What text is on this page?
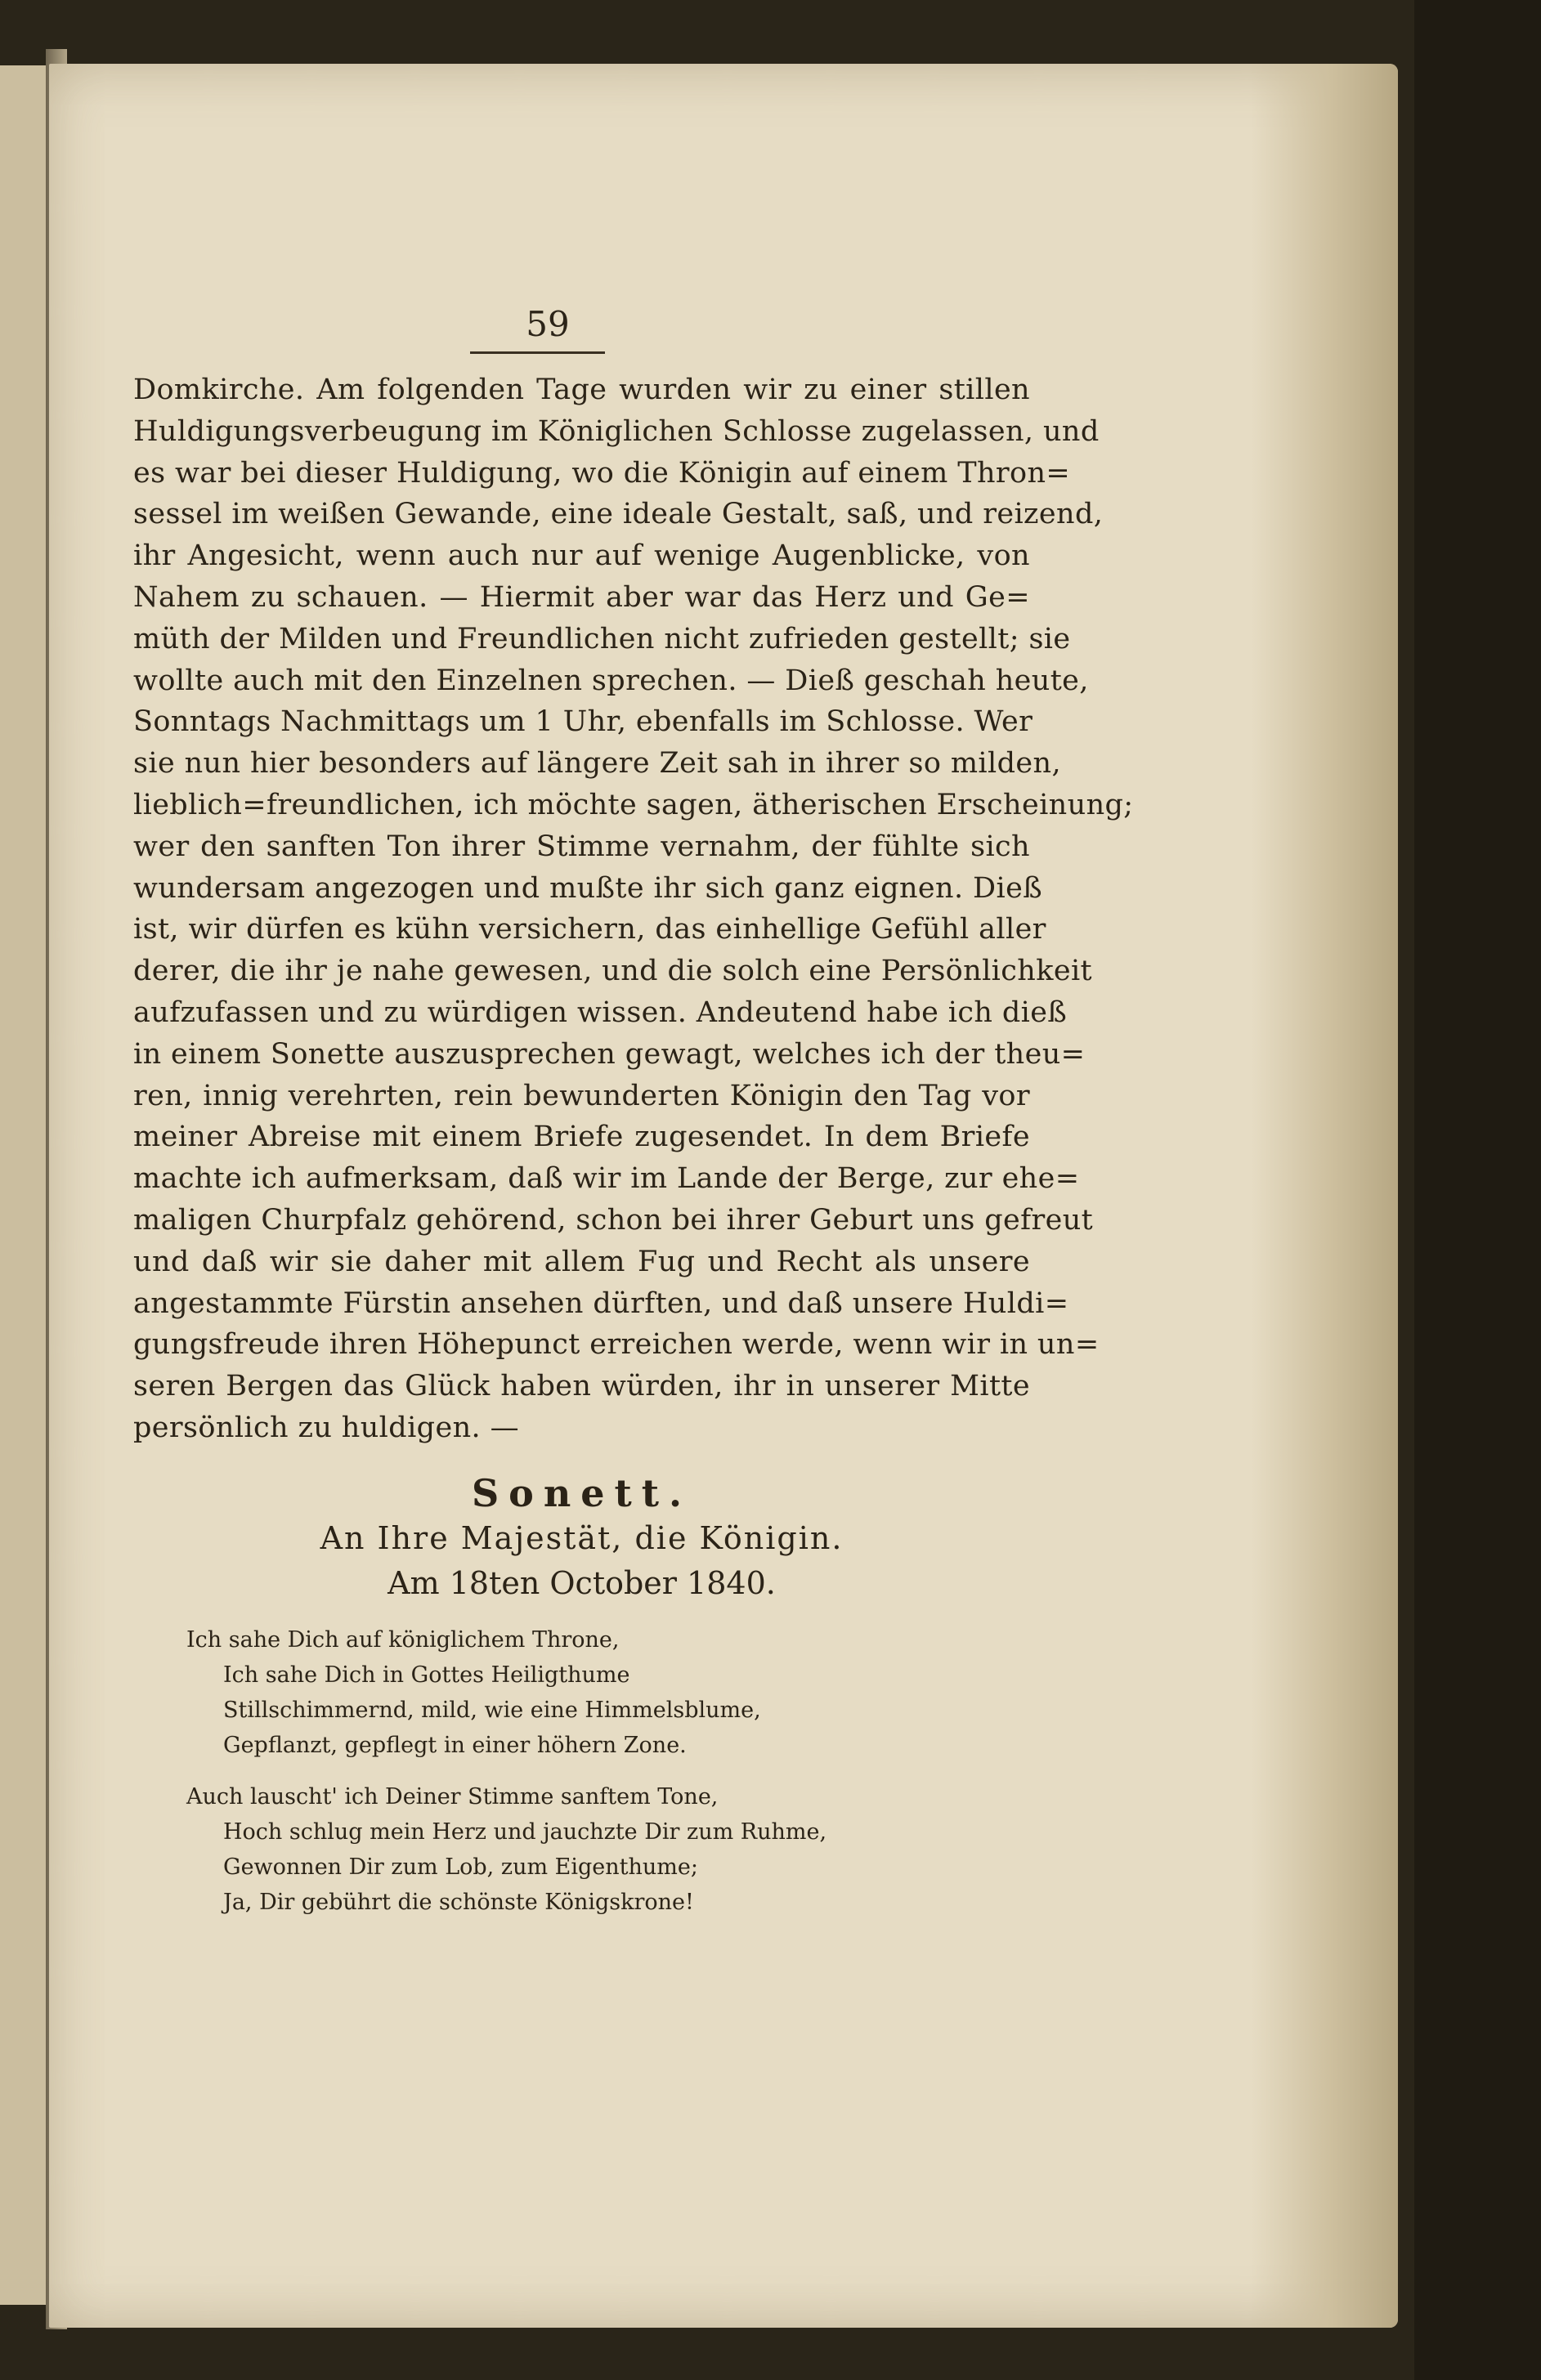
59
Domkirche. Am folgenden Tage wurden wir zu einer stillen
Huldigungsverbeugung im Königlichen Schlosse zugelassen, und
es war bei dieser Huldigung, wo die Königin auf einem Thron=
sessel im weißen Gewande, eine ideale Gestalt, saß, und reizend,
ihr Angesicht, wenn auch nur auf wenige Augenblicke, von
Nahem zu schauen. — Hiermit aber war das Herz und Ge=
müth der Milden und Freundlichen nicht zufrieden gestellt; sie
wollte auch mit den Einzelnen sprechen. — Dieß geschah heute,
Sonntags Nachmittags um 1 Uhr, ebenfalls im Schlosse. Wer
sie nun hier besonders auf längere Zeit sah in ihrer so milden,
lieblich=freundlichen, ich möchte sagen, ätherischen Erscheinung;
wer den sanften Ton ihrer Stimme vernahm, der fühlte sich
wundersam angezogen und mußte ihr sich ganz eignen. Dieß
ist, wir dürfen es kühn versichern, das einhellige Gefühl aller
derer, die ihr je nahe gewesen, und die solch eine Persönlichkeit
aufzufassen und zu würdigen wissen. Andeutend habe ich dieß
in einem Sonette auszusprechen gewagt, welches ich der theu=
ren, innig verehrten, rein bewunderten Königin den Tag vor
meiner Abreise mit einem Briefe zugesendet. In dem Briefe
machte ich aufmerksam, daß wir im Lande der Berge, zur ehe=
maligen Churpfalz gehörend, schon bei ihrer Geburt uns gefreut
und daß wir sie daher mit allem Fug und Recht als unsere
angestammte Fürstin ansehen dürften, und daß unsere Huldi=
gungsfreude ihren Höhepunct erreichen werde, wenn wir in un=
seren Bergen das Glück haben würden, ihr in unserer Mitte
persönlich zu huldigen. —
Sonett.
An Ihre Majestät, die Königin.
Am 18ten October 1840.
Ich sahe Dich auf königlichem Throne,
Ich sahe Dich in Gottes Heiligthume
Stillschimmernd, mild, wie eine Himmelsblume,
Gepflanzt, gepflegt in einer höhern Zone.
Auch lauscht' ich Deiner Stimme sanftem Tone,
Hoch schlug mein Herz und jauchzte Dir zum Ruhme,
Gewonnen Dir zum Lob, zum Eigenthume;
Ja, Dir gebührt die schönste Königskrone!
